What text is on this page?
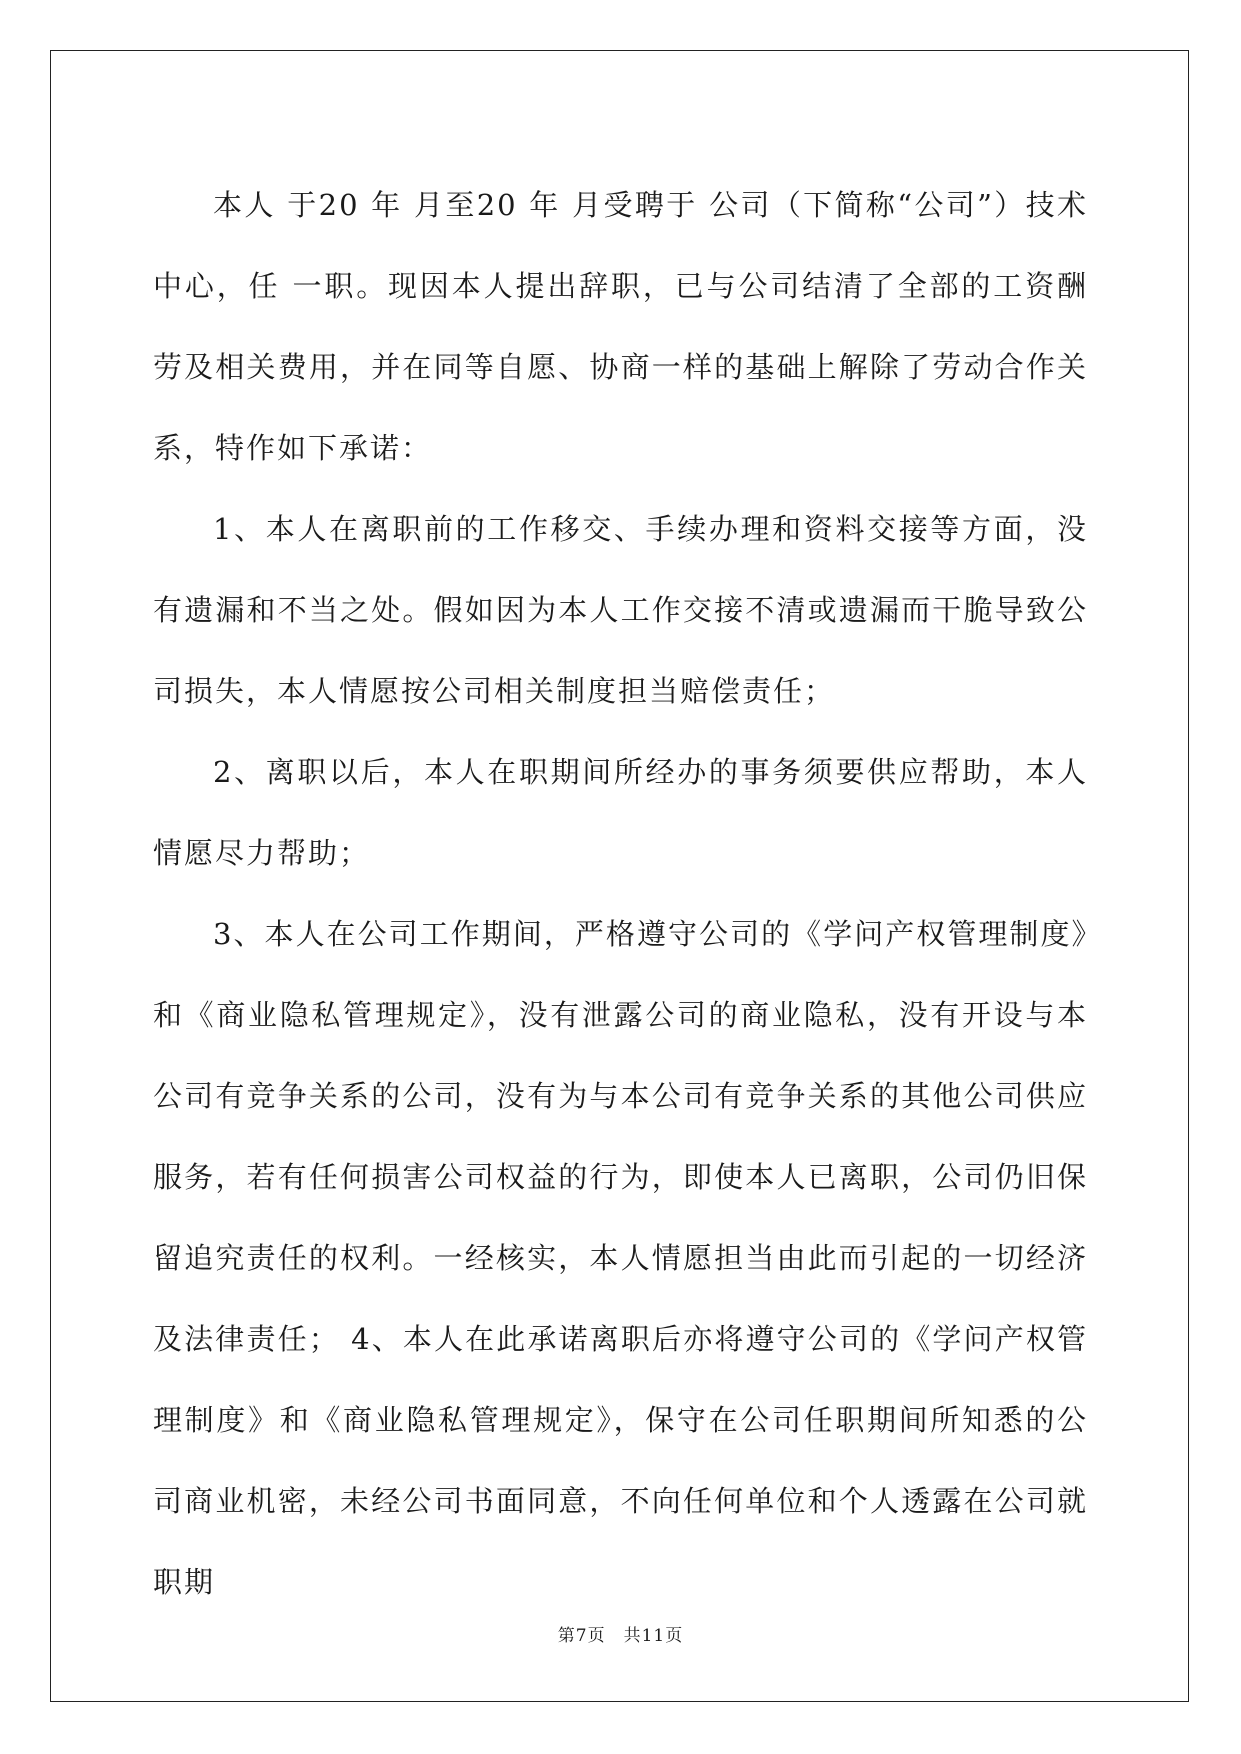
本人 于20 年 月至20 年 月受聘于 公司（下简称“公司”）技术中心，任 一职。现因本人提出辞职，已与公司结清了全部的工资酬劳及相关费用，并在同等自愿、协商一样的基础上解除了劳动合作关系，特作如下承诺：

1、本人在离职前的工作移交、手续办理和资料交接等方面，没有遗漏和不当之处。假如因为本人工作交接不清或遗漏而干脆导致公司损失，本人情愿按公司相关制度担当赔偿责任；

2、离职以后，本人在职期间所经办的事务须要供应帮助，本人情愿尽力帮助；

3、本人在公司工作期间，严格遵守公司的《学问产权管理制度》和《商业隐私管理规定》，没有泄露公司的商业隐私，没有开设与本公司有竞争关系的公司，没有为与本公司有竞争关系的其他公司供应服务，若有任何损害公司权益的行为，即使本人已离职，公司仍旧保留追究责任的权利。一经核实，本人情愿担当由此而引起的一切经济及法律责任； 4、本人在此承诺离职后亦将遵守公司的《学问产权管理制度》和《商业隐私管理规定》，保守在公司任职期间所知悉的公司商业机密，未经公司书面同意，不向任何单位和个人透露在公司就职期

第7页　共11页
